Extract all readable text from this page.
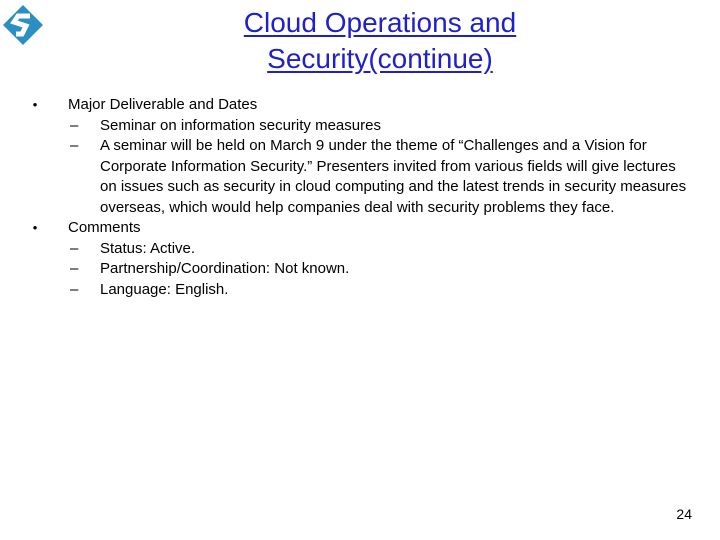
Cloud Operations and
Security(continue)
• Major Deliverable and Dates
– Seminar on information security measures
– A seminar will be held on March 9 under the theme of “Challenges and a Vision for Corporate Information Security.” Presenters invited from various fields will give lectures on issues such as security in cloud computing and the latest trends in security measures overseas, which would help companies deal with security problems they face.
• Comments
– Status: Active.
– Partnership/Coordination: Not known.
– Language: English.
24
